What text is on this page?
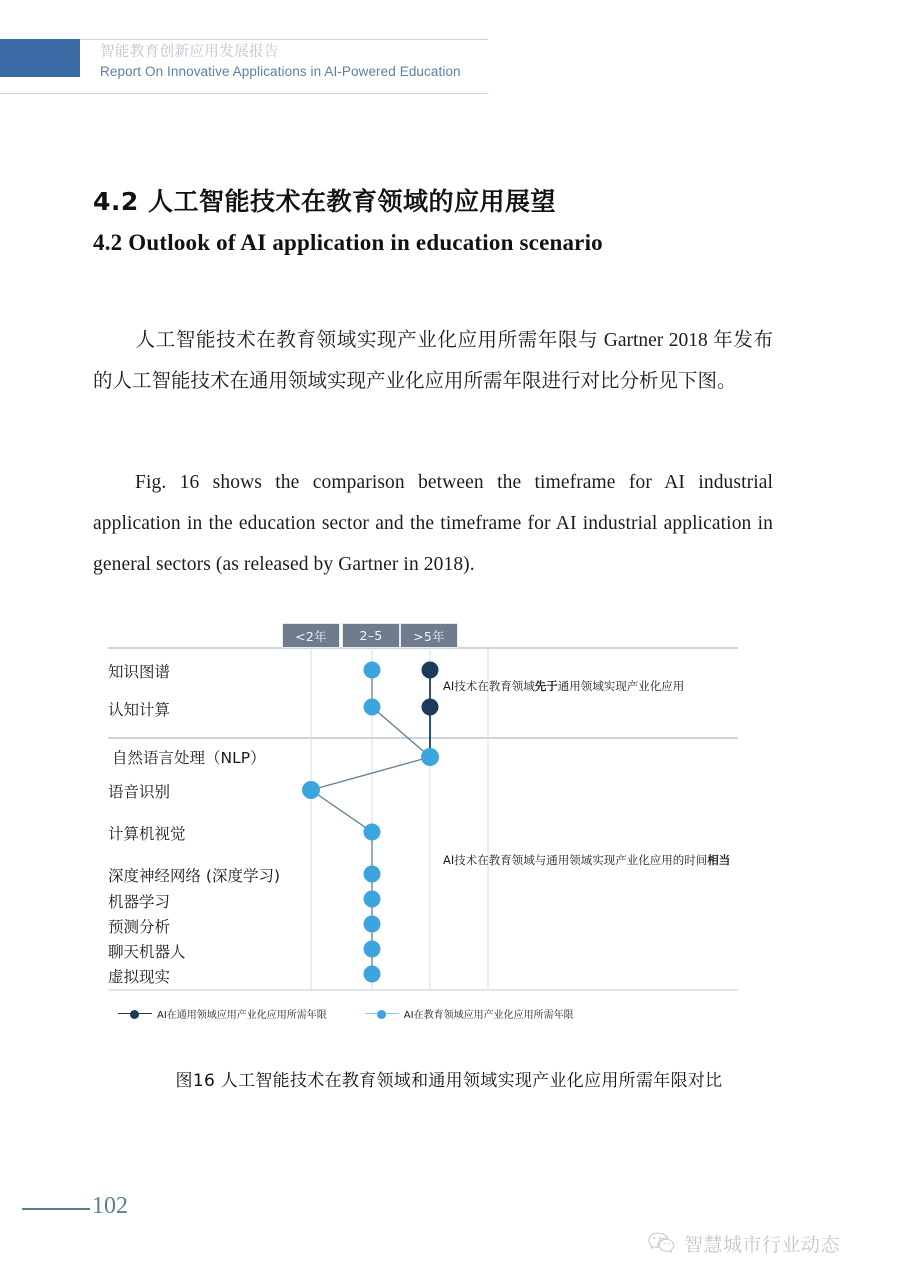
智能教育创新应用发展报告
Report On Innovative Applications in AI-Powered Education
4.2 人工智能技术在教育领域的应用展望
4.2 Outlook of AI application in education scenario
人工智能技术在教育领域实现产业化应用所需年限与 Gartner 2018 年发布的人工智能技术在通用领域实现产业化应用所需年限进行对比分析见下图。
Fig. 16 shows the comparison between the timeframe for AI industrial application in the education sector and the timeframe for AI industrial application in general sectors (as released by Gartner in 2018).
<2年	2–5	>5年
知识图谱
认知计算
自然语言处理（NLP）
语音识别
计算机视觉
深度神经网络 (深度学习)
机器学习
预测分析
聊天机器人
虚拟现实
AI技术在教育领域先于通用领域实现产业化应用
AI技术在教育领域与通用领域实现产业化应用的时间相当
AI在通用领域应用产业化应用所需年限	AI在教育领域应用产业化应用所需年限
图16 人工智能技术在教育领域和通用领域实现产业化应用所需年限对比
102
智慧城市行业动态
